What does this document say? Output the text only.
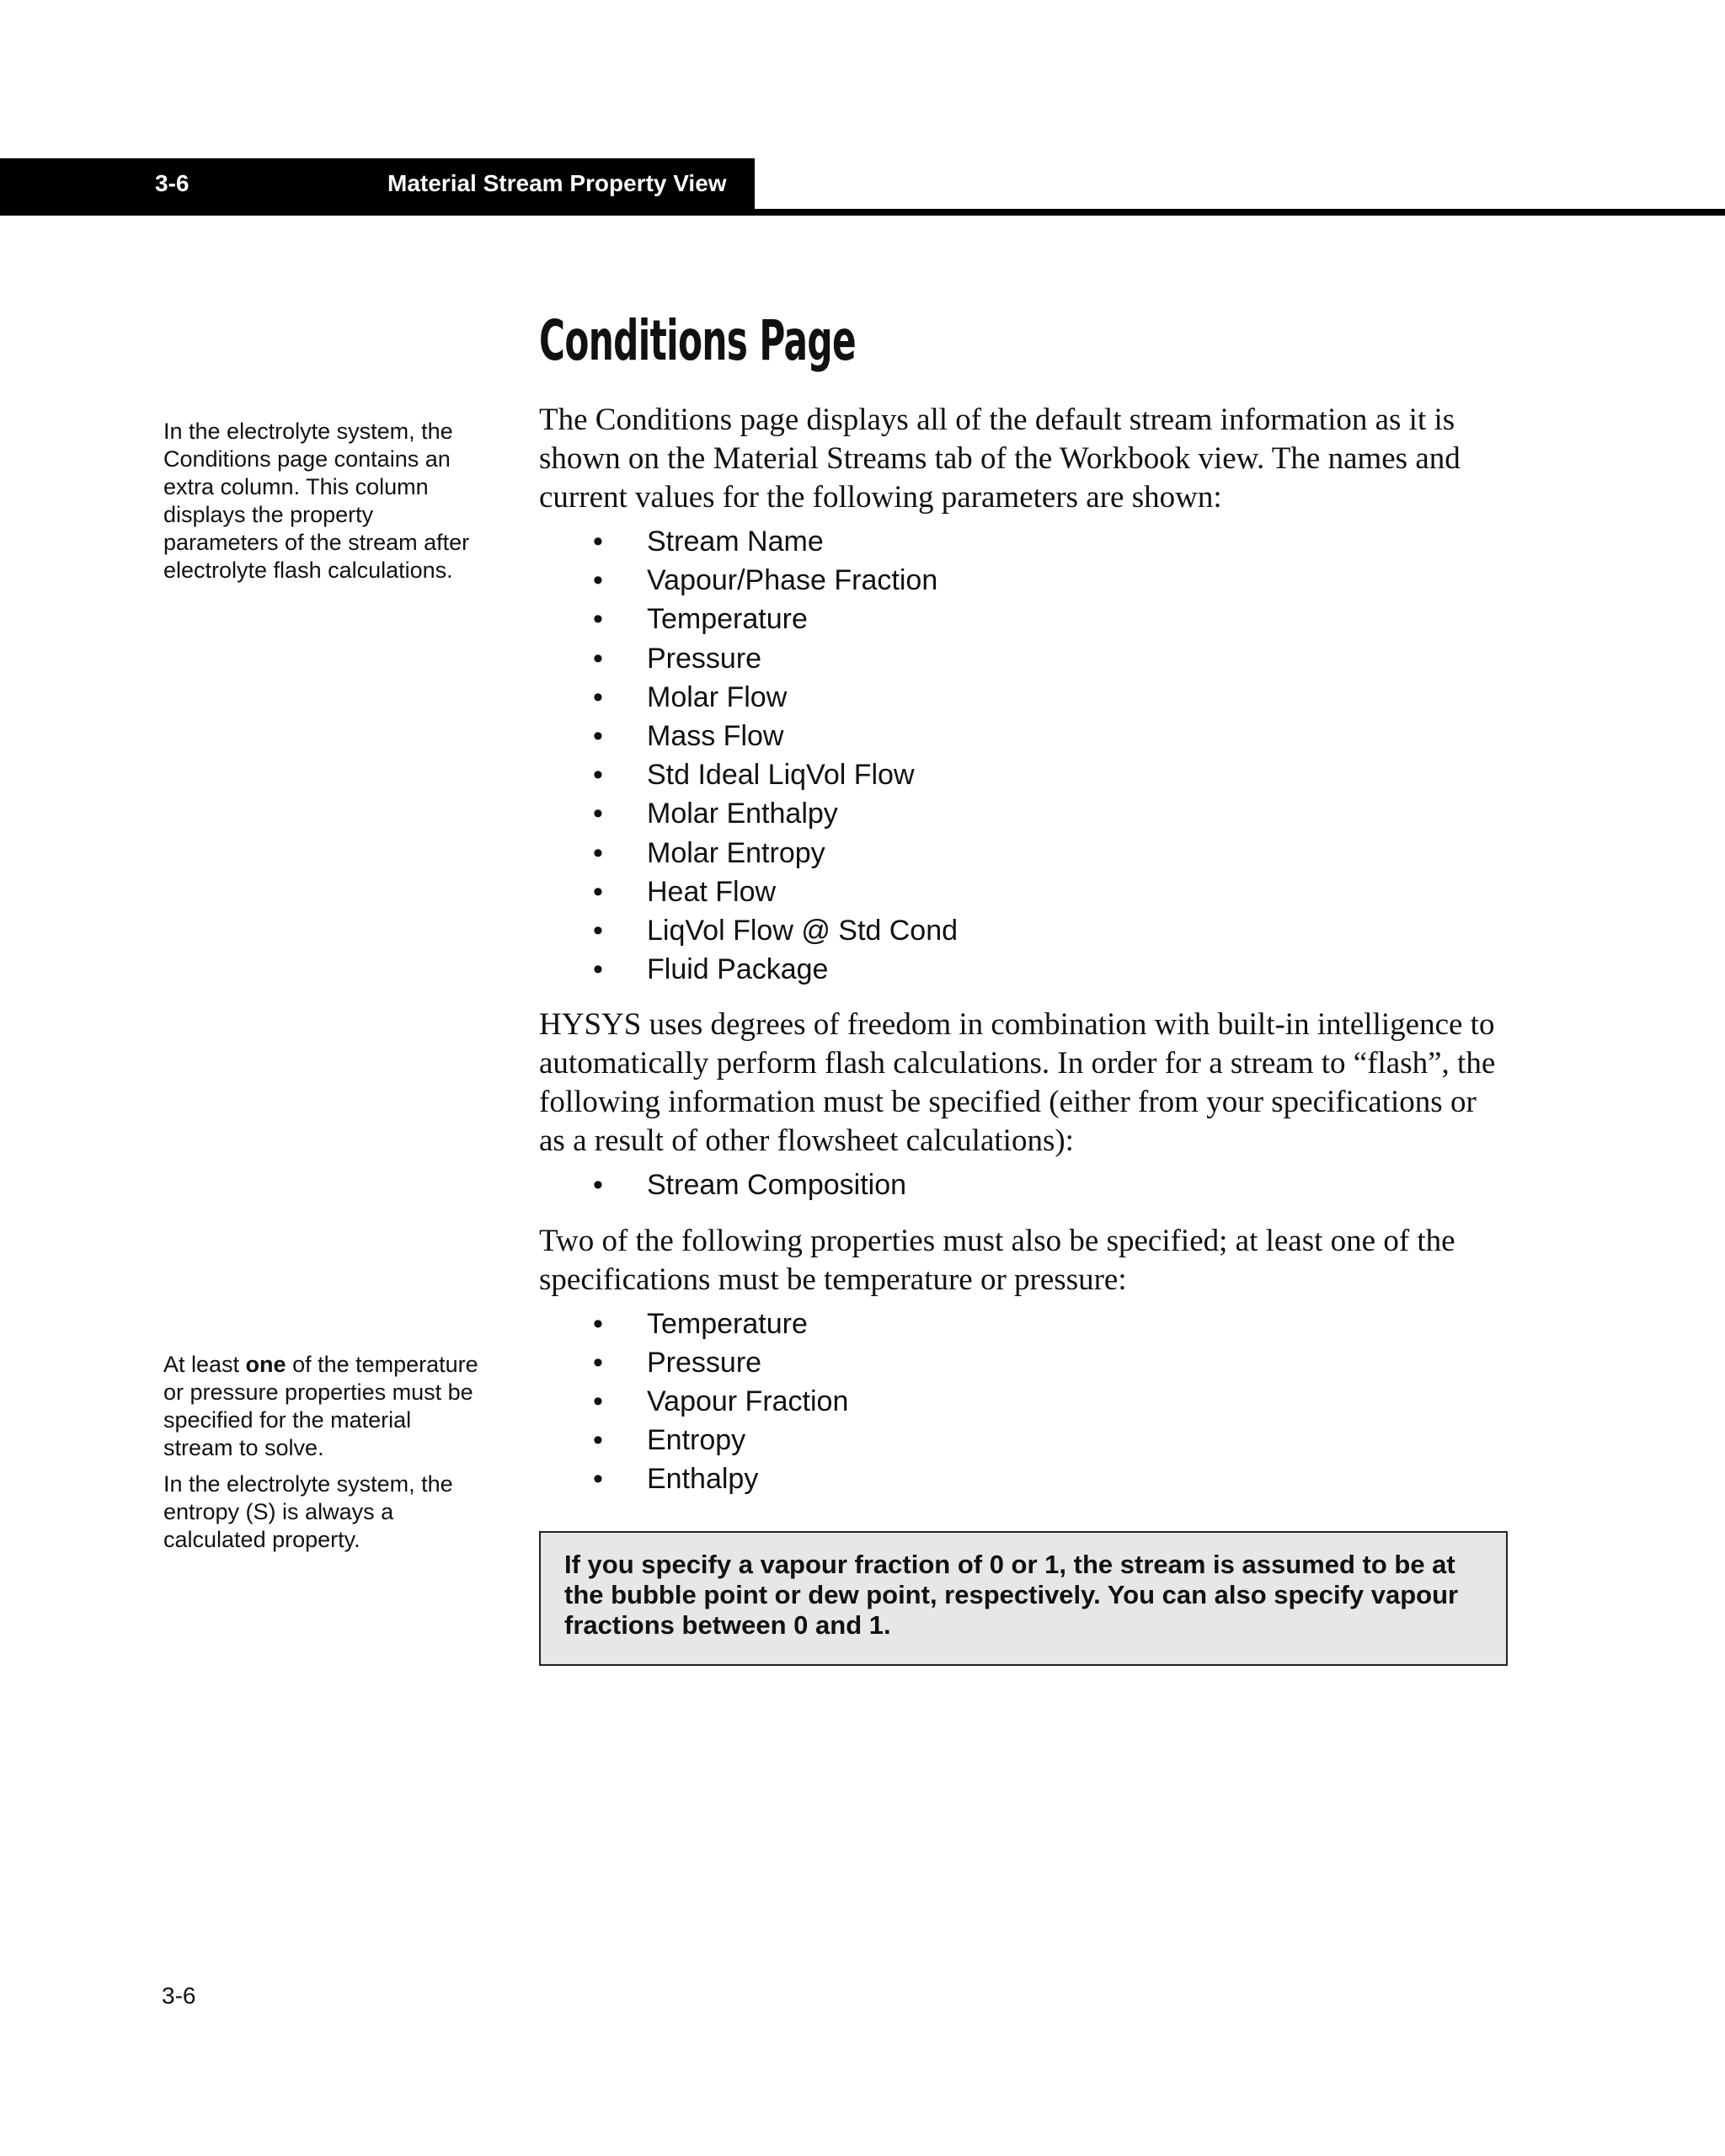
3-6	Material Stream Property View

In the electrolyte system, the Conditions page contains an extra column. This column displays the property parameters of the stream after electrolyte flash calculations.

At least one of the temperature or pressure properties must be specified for the material stream to solve.

In the electrolyte system, the entropy (S) is always a calculated property.

Conditions Page

The Conditions page displays all of the default stream information as it is shown on the Material Streams tab of the Workbook view. The names and current values for the following parameters are shown:

• Stream Name
• Vapour/Phase Fraction
• Temperature
• Pressure
• Molar Flow
• Mass Flow
• Std Ideal LiqVol Flow
• Molar Enthalpy
• Molar Entropy
• Heat Flow
• LiqVol Flow @ Std Cond
• Fluid Package

HYSYS uses degrees of freedom in combination with built-in intelligence to automatically perform flash calculations. In order for a stream to “flash”, the following information must be specified (either from your specifications or as a result of other flowsheet calculations):

• Stream Composition

Two of the following properties must also be specified; at least one of the specifications must be temperature or pressure:

• Temperature
• Pressure
• Vapour Fraction
• Entropy
• Enthalpy
If you specify a vapour fraction of 0 or 1, the stream is assumed to be at the bubble point or dew point, respectively. You can also specify vapour fractions between 0 and 1.
3-6
